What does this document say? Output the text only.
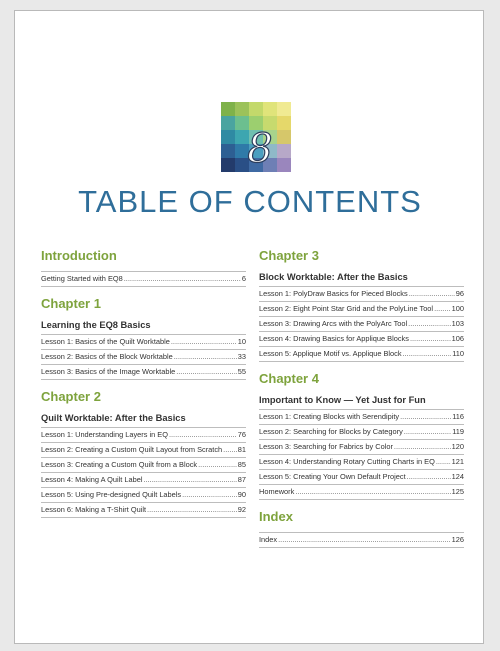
8
TABLE OF CONTENTS
Introduction
Getting Started with EQ8 .....	6
Chapter 1
Learning the EQ8 Basics
Lesson 1: Basics of the Quilt Worktable .....	10
Lesson 2: Basics of the Block Worktable .....	33
Lesson 3: Basics of the Image Worktable .....	55
Chapter 2
Quilt Worktable: After the Basics
Lesson 1: Understanding Layers in EQ .....	76
Lesson 2: Creating a Custom Quilt Layout from Scratch ..... 81
Lesson 3: Creating a Custom Quilt from a Block .....	85
Lesson 4: Making A Quilt Label .....	87
Lesson 5: Using Pre-designed Quilt Labels .....	90
Lesson 6: Making a T-Shirt Quilt .....	92
Chapter 3
Block Worktable: After the Basics
Lesson 1: PolyDraw Basics for Pieced Blocks .....	96
Lesson 2: Eight Point Star Grid and the PolyLine Tool .....	100
Lesson 3: Drawing Arcs with the PolyArc Tool .....	103
Lesson 4: Drawing Basics for Applique Blocks .....	106
Lesson 5: Applique Motif vs. Applique Block .....	110
Chapter 4
Important to Know — Yet Just for Fun
Lesson 1: Creating Blocks with Serendipity .....	116
Lesson 2: Searching for Blocks by Category .....	119
Lesson 3: Searching for Fabrics by Color .....	120
Lesson 4: Understanding Rotary Cutting Charts in EQ ..... 121
Lesson 5: Creating Your Own Default Project .....	124
Homework .....	125
Index
Index .....	126
